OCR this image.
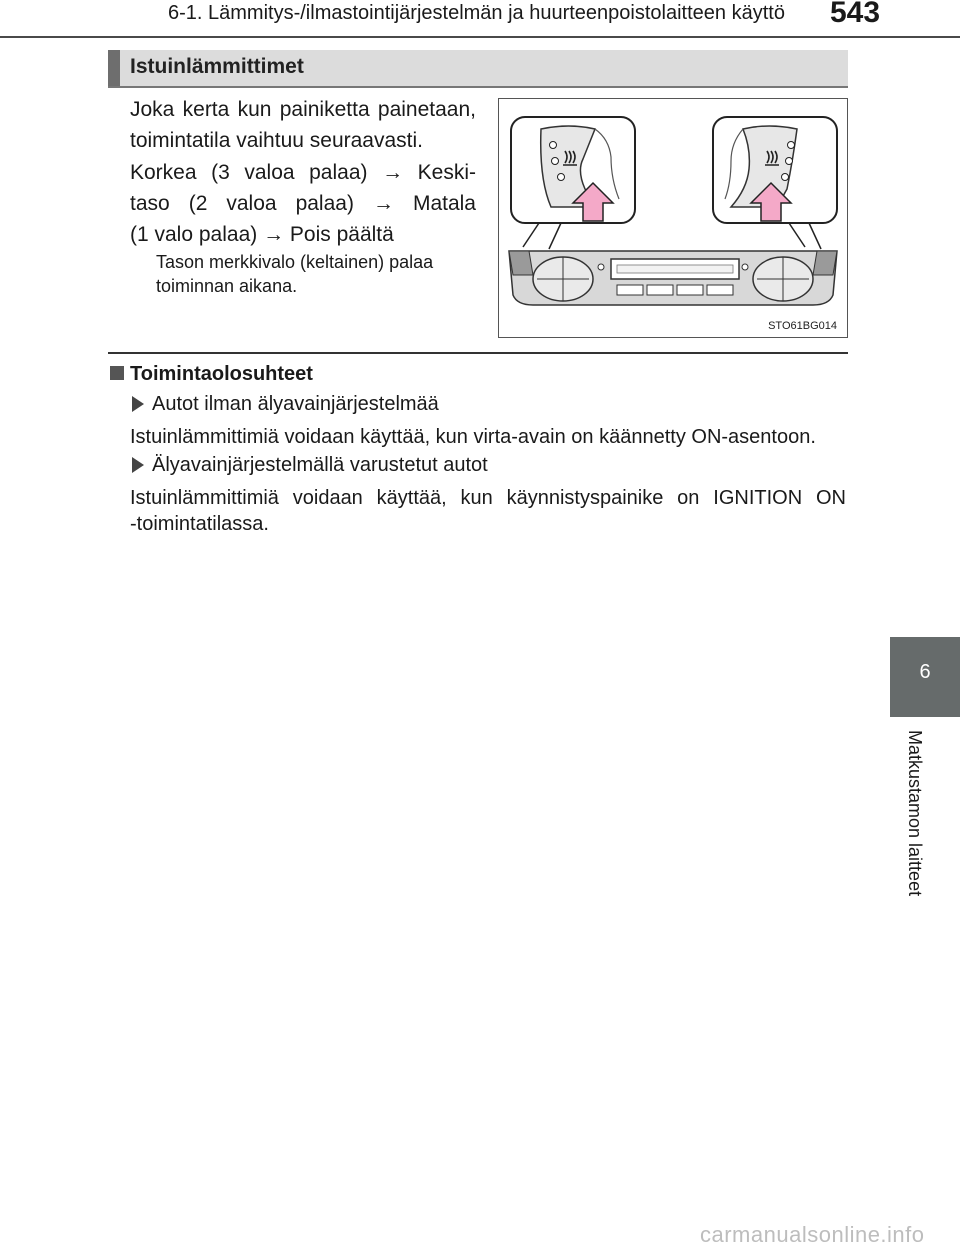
6-1. Lämmitys-/ilmastointijärjestelmän ja huurteenpoistolaitteen käyttö 543
Istuinlämmittimet
Joka kerta kun painiketta painetaan,
toimintatila vaihtuu seuraavasti.
Korkea (3 valoa palaa) → Keski-
taso (2 valoa palaa) → Matala
(1 valo palaa) → Pois päältä
Tason merkkivalo (keltainen) palaa
toiminnan aikana.
STO61BG014
Toimintaolosuhteet
Autot ilman älyavainjärjestelmää
Istuinlämmittimiä voidaan käyttää, kun virta-avain on käännetty ON-asentoon.
Älyavainjärjestelmällä varustetut autot
Istuinlämmittimiä voidaan käyttää, kun käynnistyspainike on IGNITION ON
-toimintatilassa.
6
Matkustamon laitteet
carmanualsonline.info
